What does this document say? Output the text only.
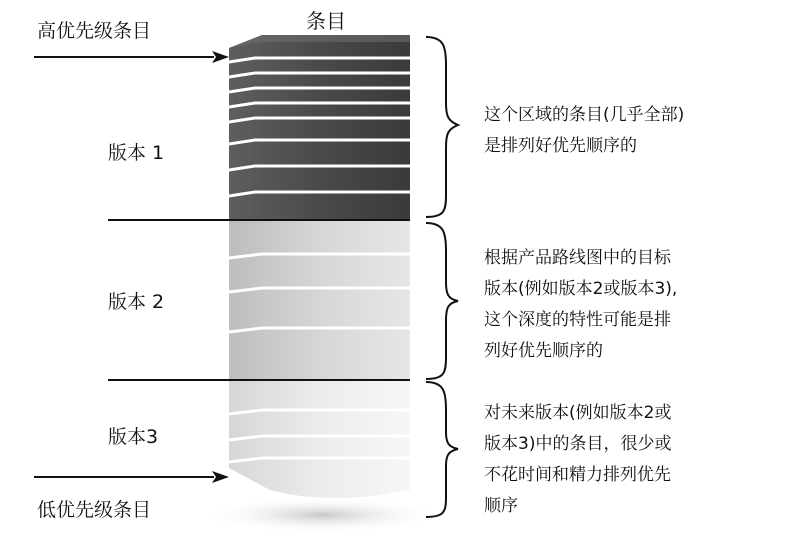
条目
高优先级条目
低优先级条目
版本 1
版本 2
版本3
这个区域的条目(几乎全部)
是排列好优先顺序的
根据产品路线图中的目标
版本(例如版本2或版本3),
这个深度的特性可能是排
列好优先顺序的
对未来版本(例如版本2或
版本3)中的条目，很少或
不花时间和精力排列优先
顺序
